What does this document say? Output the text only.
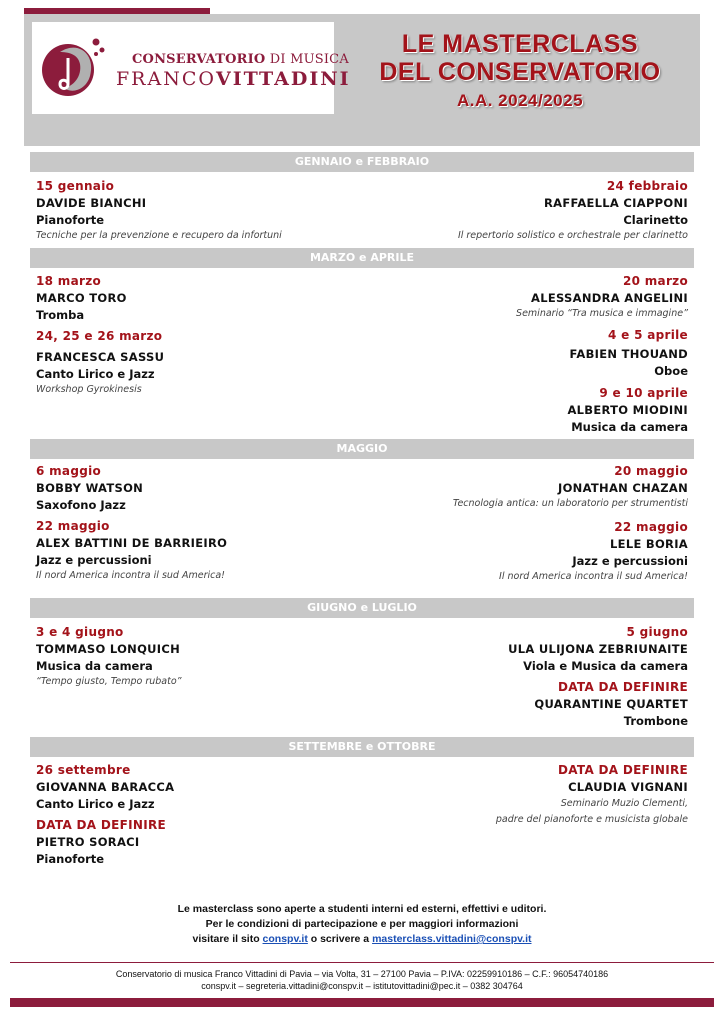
CONSERVATORIO DI MUSICA
FRANCOVITTADINI
LE MASTERCLASS
DEL CONSERVATORIO
A.A. 2024/2025
GENNAIO e FEBBRAIO
15 gennaio
DAVIDE BIANCHI
Pianoforte
Tecniche per la prevenzione e recupero da infortuni
24 febbraio
RAFFAELLA CIAPPONI
Clarinetto
Il repertorio solistico e orchestrale per clarinetto
MARZO e APRILE
18 marzo
MARCO TORO
Tromba
24, 25 e 26 marzo
FRANCESCA SASSU
Canto Lirico e Jazz
Workshop Gyrokinesis
20 marzo
ALESSANDRA ANGELINI
Seminario “Tra musica e immagine”
4 e 5 aprile
FABIEN THOUAND
Oboe
9 e 10 aprile
ALBERTO MIODINI
Musica da camera
MAGGIO
6 maggio
BOBBY WATSON
Saxofono Jazz
22 maggio
ALEX BATTINI DE BARRIEIRO
Jazz e percussioni
Il nord America incontra il sud America!
20 maggio
JONATHAN CHAZAN
Tecnologia antica: un laboratorio per strumentisti
22 maggio
LELE BORIA
Jazz e percussioni
Il nord America incontra il sud America!
GIUGNO e LUGLIO
3 e 4 giugno
TOMMASO LONQUICH
Musica da camera
“Tempo giusto, Tempo rubato”
5 giugno
ULA ULIJONA ZEBRIUNAITE
Viola e Musica da camera
DATA DA DEFINIRE
QUARANTINE QUARTET
Trombone
SETTEMBRE e OTTOBRE
26 settembre
GIOVANNA BARACCA
Canto Lirico e Jazz
DATA DA DEFINIRE
PIETRO SORACI
Pianoforte
DATA DA DEFINIRE
CLAUDIA VIGNANI
Seminario Muzio Clementi,
padre del pianoforte e musicista globale
Le masterclass sono aperte a studenti interni ed esterni, effettivi e uditori.
Per le condizioni di partecipazione e per maggiori informazioni
visitare il sito conspv.it o scrivere a masterclass.vittadini@conspv.it
Conservatorio di musica Franco Vittadini di Pavia – via Volta, 31 – 27100 Pavia – P.IVA: 02259910186 – C.F.: 96054740186
conspv.it – segreteria.vittadini@conspv.it – istitutovittadini@pec.it – 0382 304764
